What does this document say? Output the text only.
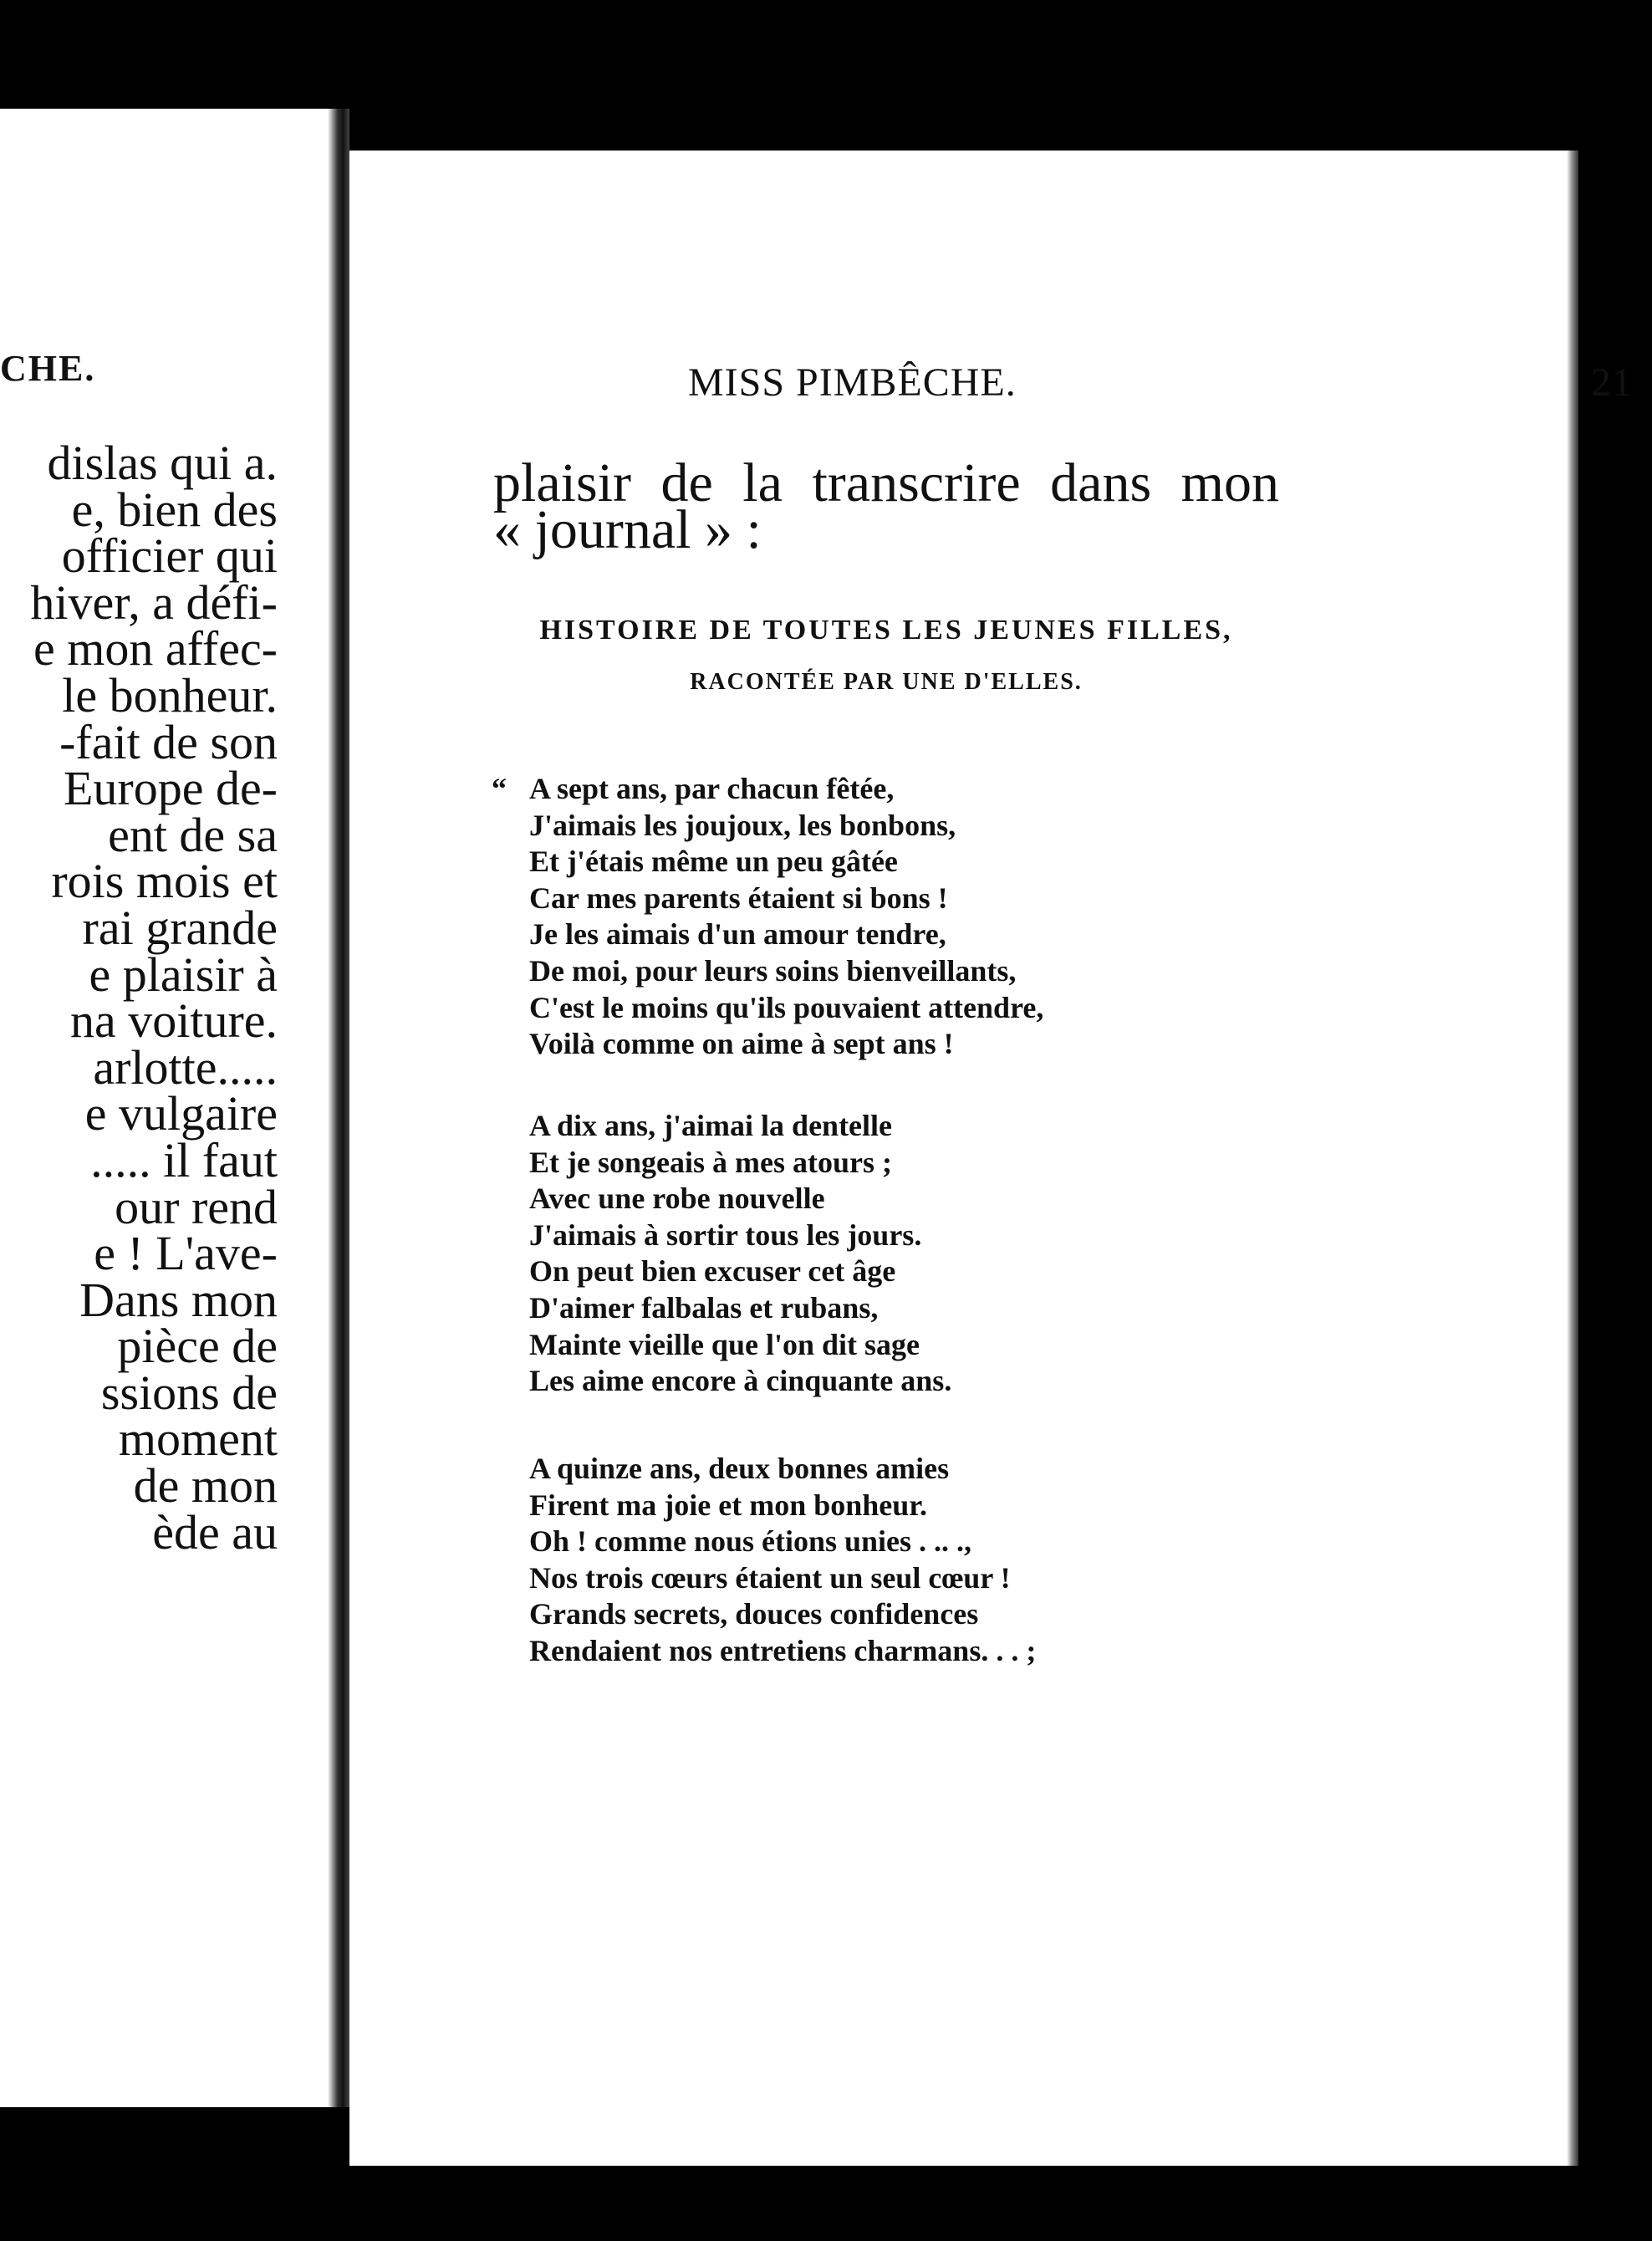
CHE.
dislas qui a.
e, bien des
officier qui
hiver, a défi-
e mon affec-
le bonheur.
-fait de son
Europe de-
ent de sa
rois mois et
rai grande
e plaisir à
na voiture.
arlotte.....
e vulgaire
..... il faut
our rend
e ! L'ave-
Dans mon
pièce de
ssions de
moment
de mon
ède au
MISS PIMBÊCHE.	21
plaisir de la transcrire dans mon
« journal » :
HISTOIRE DE TOUTES LES JEUNES FILLES,
RACONTÉE PAR UNE D'ELLES.
“ A sept ans, par chacun fêtée,
J'aimais les joujoux, les bonbons,
Et j'étais même un peu gâtée
Car mes parents étaient si bons !
Je les aimais d'un amour tendre,
De moi, pour leurs soins bienveillants,
C'est le moins qu'ils pouvaient attendre,
Voilà comme on aime à sept ans !
A dix ans, j'aimai la dentelle
Et je songeais à mes atours ;
Avec une robe nouvelle
J'aimais à sortir tous les jours.
On peut bien excuser cet âge
D'aimer falbalas et rubans,
Mainte vieille que l'on dit sage
Les aime encore à cinquante ans.
A quinze ans, deux bonnes amies
Firent ma joie et mon bonheur.
Oh ! comme nous étions unies . .. .,
Nos trois cœurs étaient un seul cœur !
Grands secrets, douces confidences
Rendaient nos entretiens charmans. . . ;
